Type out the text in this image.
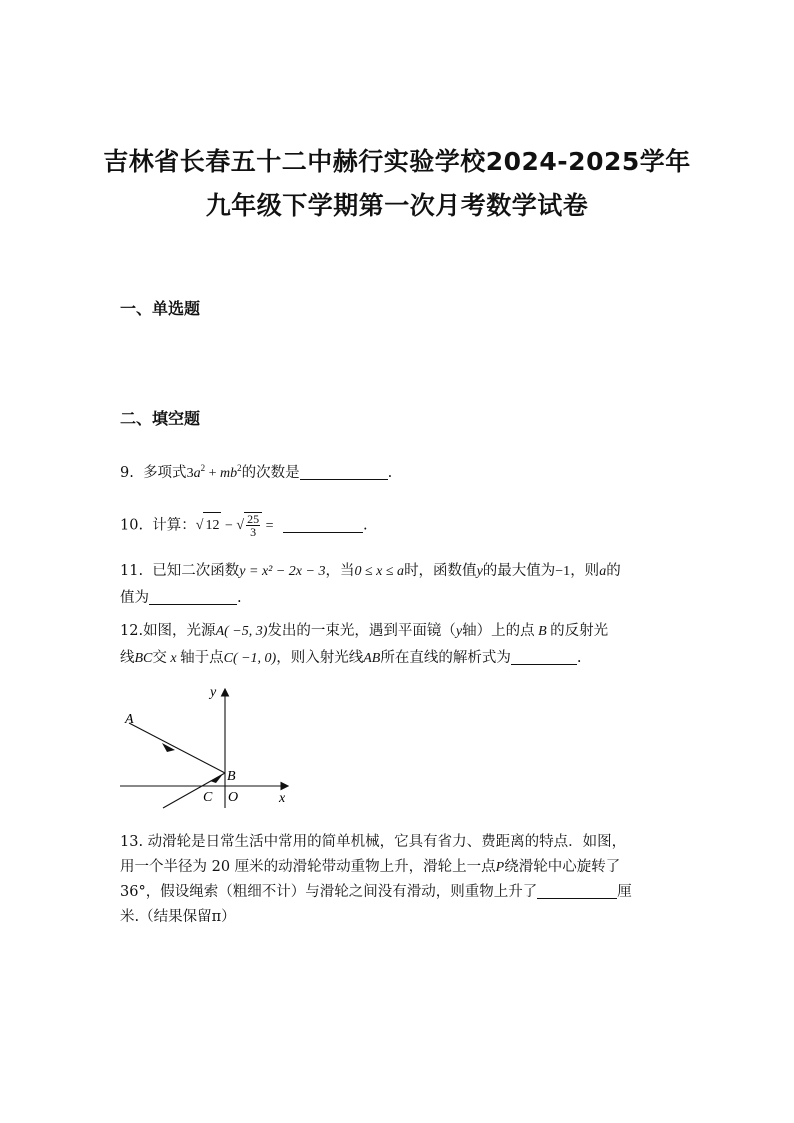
吉林省长春五十二中赫行实验学校2024-2025学年
九年级下学期第一次月考数学试卷
一、单选题
二、填空题
9. 多项式$3a^2 + mb^2$的次数是	.
10. 计算：√ 12 − √ $\frac{25}{3}$ =	.
11. 已知二次函数y = x² − 2x − 3，当0 ≤ x ≤ a时，函数值y的最大值为−1，则a的
值为	.
12.如图，光源A( −5, 3)发出的一束光，遇到平面镜（y轴）上的点 B 的反射光
线BC交 x 轴于点C( −1, 0)，则入射光线AB所在直线的解析式为	.
y
x
A
B
C O
13. 动滑轮是日常生活中常用的简单机械，它具有省力、费距离的特点．如图，
用一个半径为 20 厘米的动滑轮带动重物上升，滑轮上一点P绕滑轮中心旋转了
36°，假设绳索（粗细不计）与滑轮之间没有滑动，则重物上升了	厘
米.（结果保留π）
